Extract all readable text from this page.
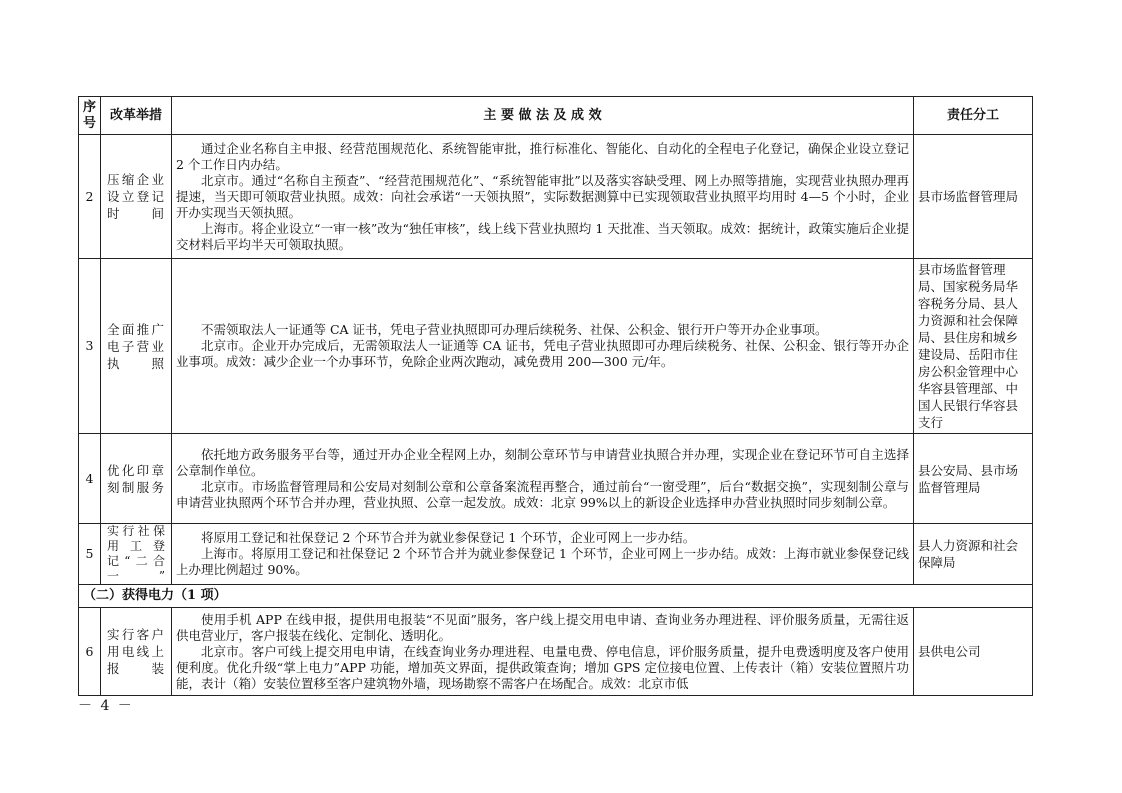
序号	改革举措	主 要 做 法 及 成 效	责任分工
2	压缩企业设立登记时间	通过企业名称自主申报、经营范围规范化、系统智能审批，推行标准化、智能化、自动化的全程电子化登记，确保企业设立登记 2 个工作日内办结。

北京市。通过“名称自主预查”、“经营范围规范化”、“系统智能审批”以及落实容缺受理、网上办照等措施，实现营业执照办理再提速，当天即可领取营业执照。成效：向社会承诺“一天领执照”，实际数据测算中已实现领取营业执照平均用时 4—5 个小时，企业开办实现当天领执照。

上海市。将企业设立“一审一核”改为“独任审核”，线上线下营业执照均 1 天批准、当天领取。成效：据统计，政策实施后企业提交材料后平均半天可领取执照。	县市场监督管理局
3	全面推广电子营业执照	不需领取法人一证通等 CA 证书，凭电子营业执照即可办理后续税务、社保、公积金、银行开户等开办企业事项。

北京市。企业开办完成后，无需领取法人一证通等 CA 证书，凭电子营业执照即可办理后续税务、社保、公积金、银行等开办企业事项。成效：减少企业一个办事环节，免除企业两次跑动，减免费用 200—300 元/年。	县市场监督管理局、国家税务局华容税务分局、县人力资源和社会保障局、县住房和城乡建设局、岳阳市住房公积金管理中心华容县管理部、中国人民银行华容县支行
4	优化印章刻制服务	依托地方政务服务平台等，通过开办企业全程网上办，刻制公章环节与申请营业执照合并办理，实现企业在登记环节可自主选择公章制作单位。

北京市。市场监督管理局和公安局对刻制公章和公章备案流程再整合，通过前台“一窗受理”，后台“数据交换”，实现刻制公章与申请营业执照两个环节合并办理，营业执照、公章一起发放。成效：北京 99%以上的新设企业选择申办营业执照时同步刻制公章。	县公安局、县市场监督管理局
5	实行社保用工登记“二合一”	将原用工登记和社保登记 2 个环节合并为就业参保登记 1 个环节，企业可网上一步办结。

上海市。将原用工登记和社保登记 2 个环节合并为就业参保登记 1 个环节，企业可网上一步办结。成效：上海市就业参保登记线上办理比例超过 90%。	县人力资源和社会保障局
（二）获得电力（1 项）			
6	实行客户用电线上报装	使用手机 APP 在线申报，提供用电报装“不见面”服务，客户线上提交用电申请、查询业务办理进程、评价服务质量，无需往返供电营业厅，客户报装在线化、定制化、透明化。

北京市。客户可线上提交用电申请，在线查询业务办理进程、电量电费、停电信息，评价服务质量，提升电费透明度及客户使用便利度。优化升级“掌上电力”APP 功能，增加英文界面，提供政策查询；增加 GPS 定位接电位置、上传表计（箱）安装位置照片功能，表计（箱）安装位置移至客户建筑物外墙，现场勘察不需客户在场配合。成效：北京市低	县供电公司
－ 4 －
